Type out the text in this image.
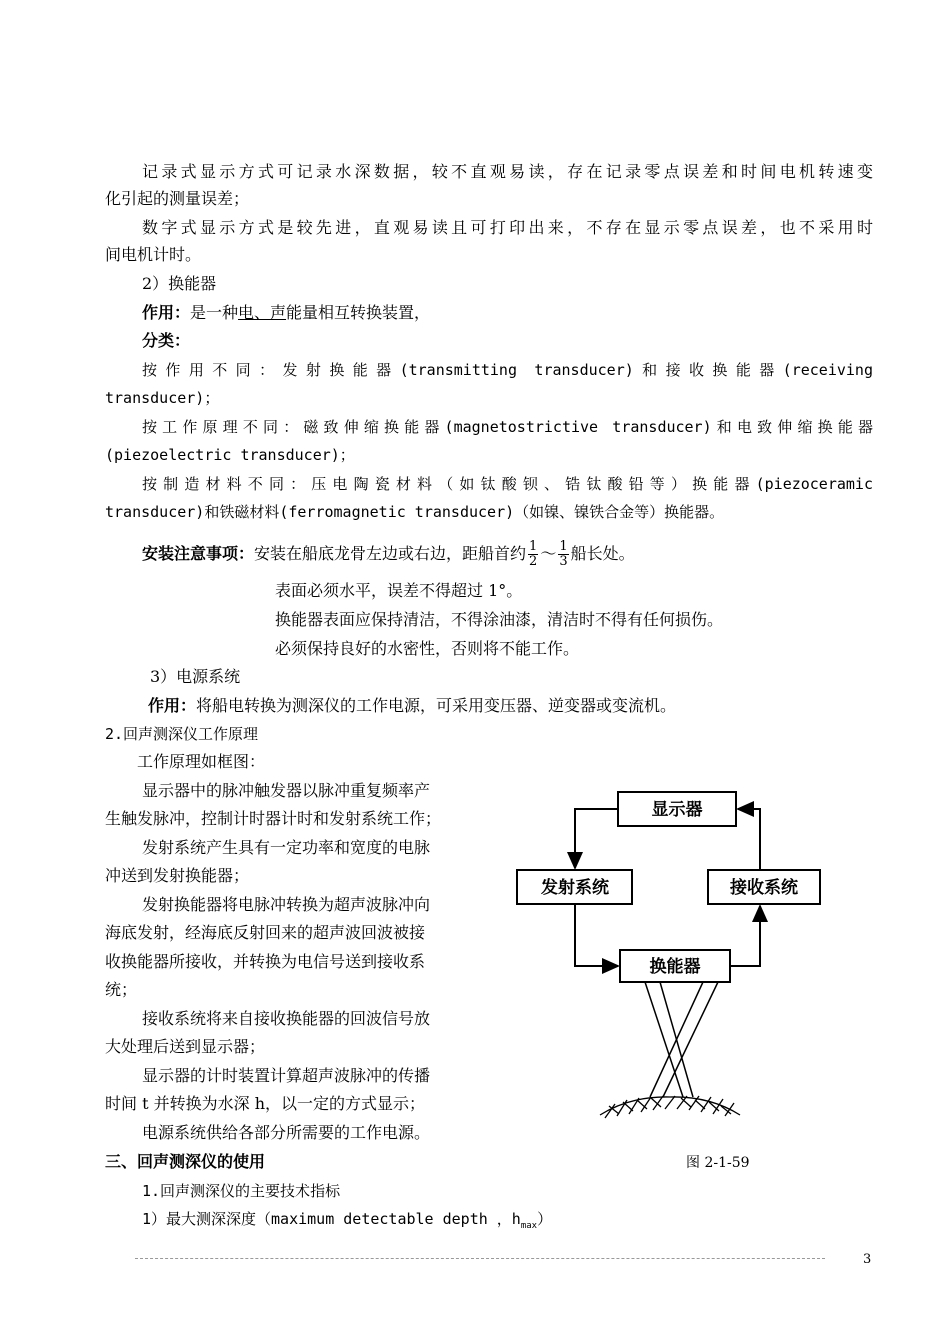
记录式显示方式可记录水深数据，较不直观易读，存在记录零点误差和时间电机转速变
化引起的测量误差；
数字式显示方式是较先进，直观易读且可打印出来，不存在显示零点误差，也不采用时
间电机计时。
2）换能器
作用：是一种电、声能量相互转换装置，
分类：
按作用不同：发射换能器(transmitting transducer)和接收换能器(receiving
transducer)；
按工作原理不同：磁致伸缩换能器(magnetostrictive transducer)和电致伸缩换能器
(piezoelectric transducer)；
按制造材料不同：压电陶瓷材料（如钛酸钡、锆钛酸铅等）换能器(piezoceramic
transducer)和铁磁材料(ferromagnetic transducer)（如镍、镍铁合金等）换能器。
安装注意事项：安装在船底龙骨左边或右边，距船首约 $\frac{1}{2}$ ～ $\frac{1}{3}$ 船长处。
表面必须水平，误差不得超过 1°。
换能器表面应保持清洁，不得涂油漆，清洁时不得有任何损伤。
必须保持良好的水密性，否则将不能工作。
3）电源系统
作用：将船电转换为测深仪的工作电源，可采用变压器、逆变器或变流机。
2.回声测深仪工作原理
工作原理如框图：
显示器中的脉冲触发器以脉冲重复频率产
生触发脉冲，控制计时器计时和发射系统工作；
发射系统产生具有一定功率和宽度的电脉
冲送到发射换能器；
发射换能器将电脉冲转换为超声波脉冲向
海底发射，经海底反射回来的超声波回波被接
收换能器所接收，并转换为电信号送到接收系
统；
接收系统将来自接收换能器的回波信号放
大处理后送到显示器；
显示器的计时装置计算超声波脉冲的传播
时间 t 并转换为水深 h，以一定的方式显示；
电源系统供给各部分所需要的工作电源。
显示器
发射系统	接收系统
换能器
图 2-1-59
三、回声测深仪的使用
1.回声测深仪的主要技术指标
1）最大测深深度（maximum detectable depth ，$h_{max}$）
3
